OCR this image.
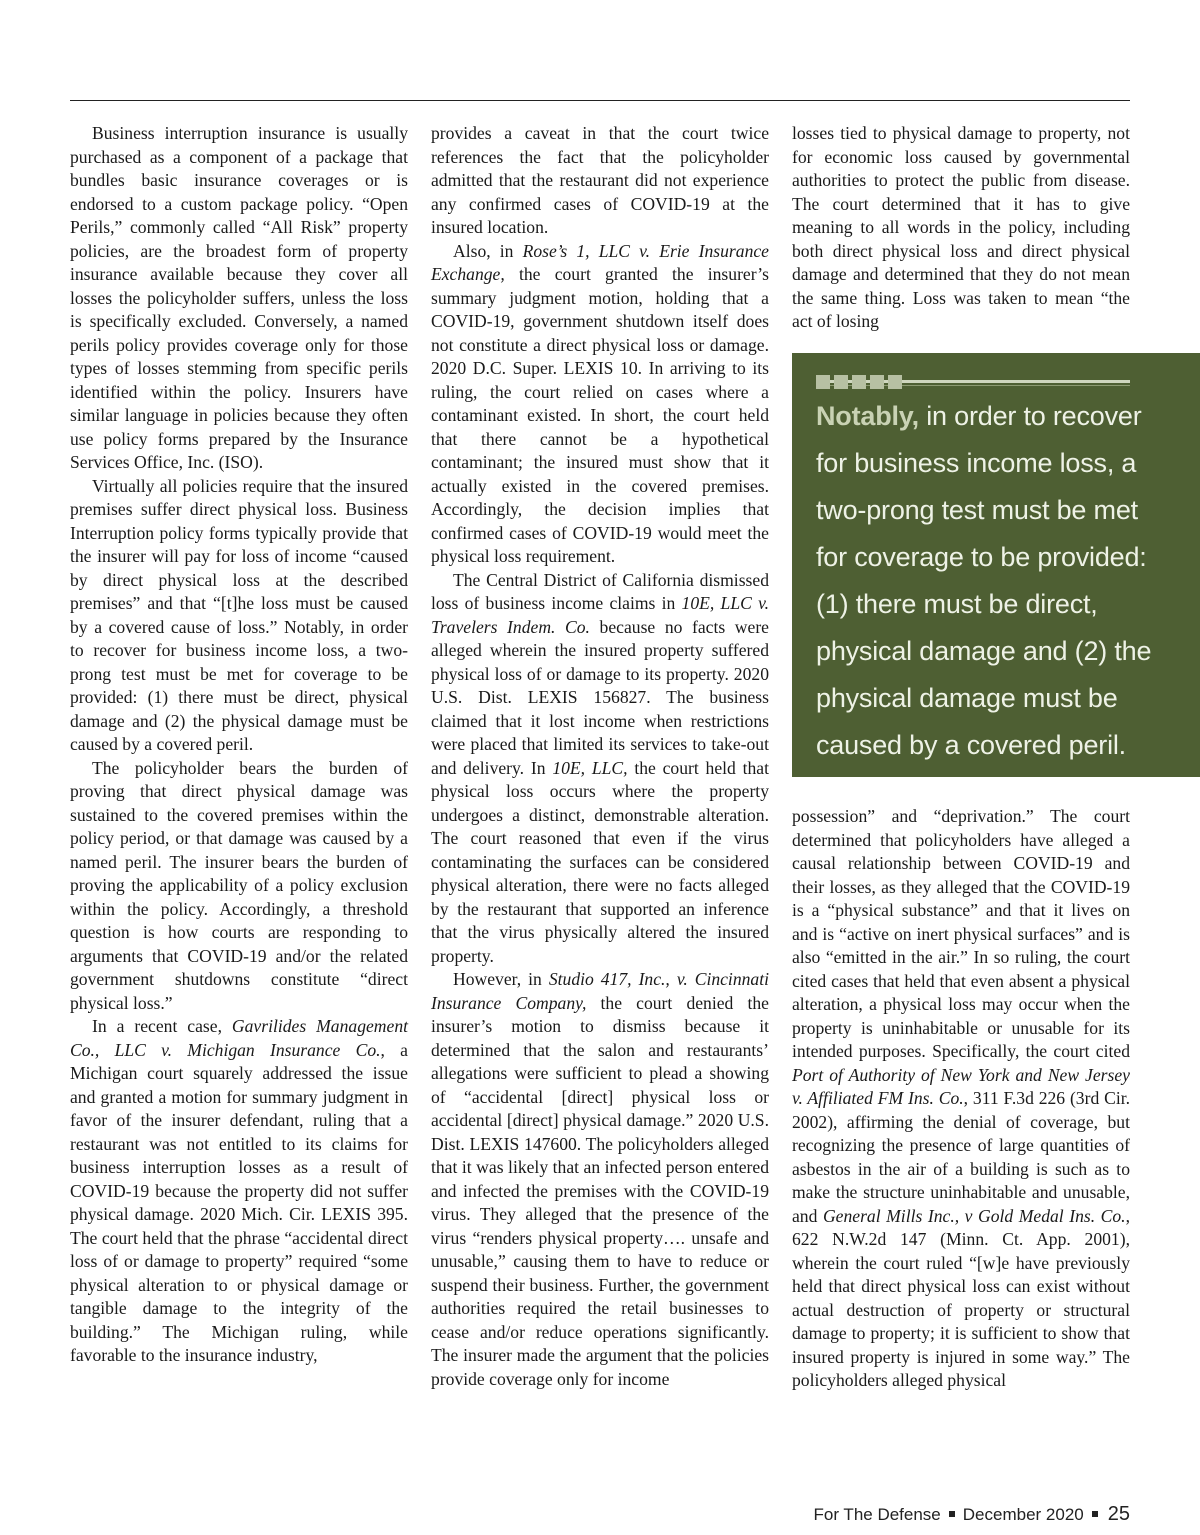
Business interruption insurance is usually purchased as a component of a package that bundles basic insurance coverages or is endorsed to a custom package policy. “Open Perils,” commonly called “All Risk” property policies, are the broadest form of property insurance available because they cover all losses the policyholder suffers, unless the loss is specifically excluded. Conversely, a named perils policy provides coverage only for those types of losses stemming from specific perils identified within the policy. Insurers have similar language in policies because they often use policy forms prepared by the Insurance Services Office, Inc. (ISO).

Virtually all policies require that the insured premises suffer direct physical loss. Business Interruption policy forms typically provide that the insurer will pay for loss of income “caused by direct physical loss at the described premises” and that “[t]he loss must be caused by a covered cause of loss.” Notably, in order to recover for business income loss, a two-prong test must be met for coverage to be provided: (1) there must be direct, physical damage and (2) the physical damage must be caused by a covered peril.

The policyholder bears the burden of proving that direct physical damage was sustained to the covered premises within the policy period, or that damage was caused by a named peril. The insurer bears the burden of proving the applicability of a policy exclusion within the policy. Accordingly, a threshold question is how courts are responding to arguments that COVID-19 and/or the related government shutdowns constitute “direct physical loss.”

In a recent case, Gavrilides Management Co., LLC v. Michigan Insurance Co., a Michigan court squarely addressed the issue and granted a motion for summary judgment in favor of the insurer defendant, ruling that a restaurant was not entitled to its claims for business interruption losses as a result of COVID-19 because the property did not suffer physical damage. 2020 Mich. Cir. LEXIS 395. The court held that the phrase “accidental direct loss of or damage to property” required “some physical alteration to or physical damage or tangible damage to the integrity of the building.” The Michigan ruling, while favorable to the insurance industry,

provides a caveat in that the court twice references the fact that the policyholder admitted that the restaurant did not experience any confirmed cases of COVID-19 at the insured location.

Also, in Rose’s 1, LLC v. Erie Insurance Exchange, the court granted the insurer’s summary judgment motion, holding that a COVID-19, government shutdown itself does not constitute a direct physical loss or damage. 2020 D.C. Super. LEXIS 10. In arriving to its ruling, the court relied on cases where a contaminant existed. In short, the court held that there cannot be a hypothetical contaminant; the insured must show that it actually existed in the covered premises. Accordingly, the decision implies that confirmed cases of COVID-19 would meet the physical loss requirement.

The Central District of California dismissed loss of business income claims in 10E, LLC v. Travelers Indem. Co. because no facts were alleged wherein the insured property suffered physical loss of or damage to its property. 2020 U.S. Dist. LEXIS 156827. The business claimed that it lost income when restrictions were placed that limited its services to take-out and delivery. In 10E, LLC, the court held that physical loss occurs where the property undergoes a distinct, demonstrable alteration. The court reasoned that even if the virus contaminating the surfaces can be considered physical alteration, there were no facts alleged by the restaurant that supported an inference that the virus physically altered the insured property.

However, in Studio 417, Inc., v. Cincinnati Insurance Company, the court denied the insurer’s motion to dismiss because it determined that the salon and restaurants’ allegations were sufficient to plead a showing of “accidental [direct] physical loss or accidental [direct] physical damage.” 2020 U.S. Dist. LEXIS 147600. The policyholders alleged that it was likely that an infected person entered and infected the premises with the COVID-19 virus. They alleged that the presence of the virus “renders physical property…. unsafe and unusable,” causing them to have to reduce or suspend their business. Further, the government authorities required the retail businesses to cease and/or reduce operations significantly. The insurer made the argument that the policies provide coverage only for income

losses tied to physical damage to property, not for economic loss caused by governmental authorities to protect the public from disease. The court determined that it has to give meaning to all words in the policy, including both direct physical loss and direct physical damage and determined that they do not mean the same thing. Loss was taken to mean “the act of losing

Notably, in order to recover for business income loss, a two-prong test must be met for coverage to be provided: (1) there must be direct, physical damage and (2) the physical damage must be caused by a covered peril.

possession” and “deprivation.” The court determined that policyholders have alleged a causal relationship between COVID-19 and their losses, as they alleged that the COVID-19 is a “physical substance” and that it lives on and is “active on inert physical surfaces” and is also “emitted in the air.” In so ruling, the court cited cases that held that even absent a physical alteration, a physical loss may occur when the property is uninhabitable or unusable for its intended purposes. Specifically, the court cited Port of Authority of New York and New Jersey v. Affiliated FM Ins. Co., 311 F.3d 226 (3rd Cir. 2002), affirming the denial of coverage, but recognizing the presence of large quantities of asbestos in the air of a building is such as to make the structure uninhabitable and unusable, and General Mills Inc., v Gold Medal Ins. Co., 622 N.W.2d 147 (Minn. Ct. App. 2001), wherein the court ruled “[w]e have previously held that direct physical loss can exist without actual destruction of property or structural damage to property; it is sufficient to show that insured property is injured in some way.” The policyholders alleged physical

For The Defense December 2020 25
